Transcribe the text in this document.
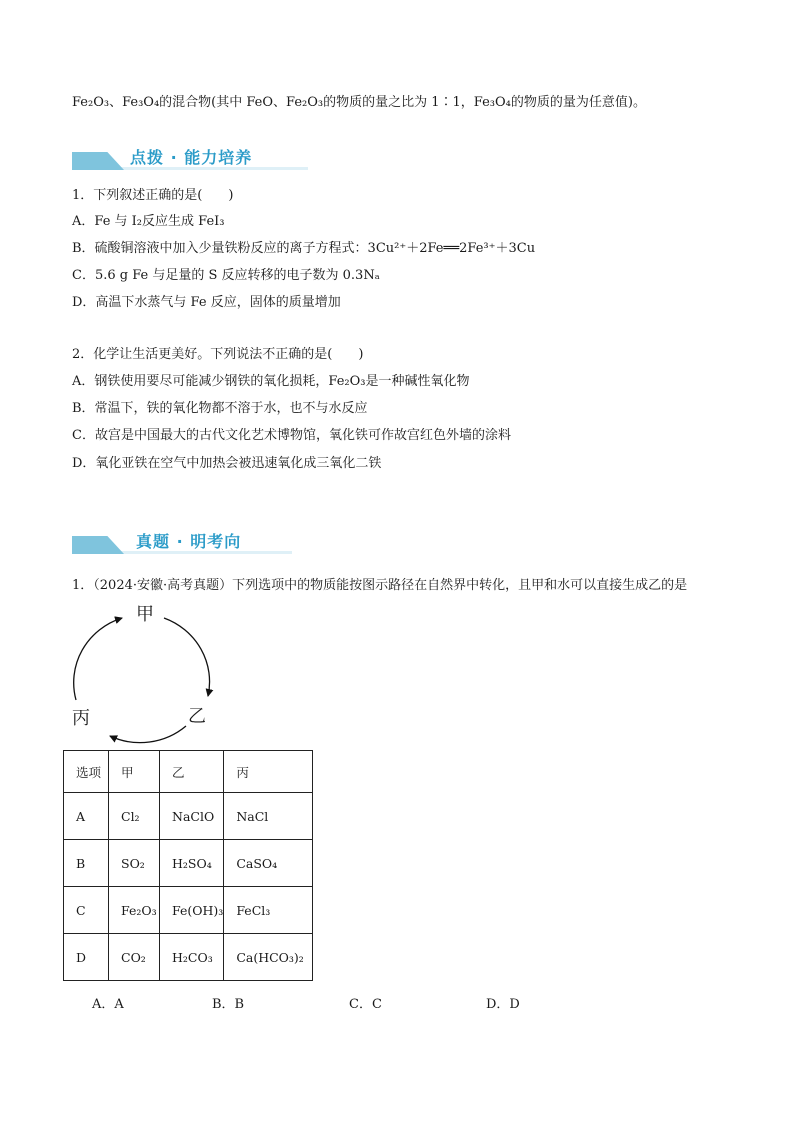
Fe₂O₃、Fe₃O₄的混合物(其中 FeO、Fe₂O₃的物质的量之比为 1∶1，Fe₃O₄的物质的量为任意值)。
点拨 · 能力培养
1．下列叙述正确的是(　　)
A．Fe 与 I₂反应生成 FeI₃
B．硫酸铜溶液中加入少量铁粉反应的离子方程式：3Cu²⁺＋2Fe══2Fe³⁺＋3Cu
C．5.6 g Fe 与足量的 S 反应转移的电子数为 0.3Nₐ
D．高温下水蒸气与 Fe 反应，固体的质量增加
2．化学让生活更美好。下列说法不正确的是(　　)
A．钢铁使用要尽可能减少钢铁的氧化损耗，Fe₂O₃是一种碱性氧化物
B．常温下，铁的氧化物都不溶于水，也不与水反应
C．故宫是中国最大的古代文化艺术博物馆，氧化铁可作故宫红色外墙的涂料
D．氧化亚铁在空气中加热会被迅速氧化成三氧化二铁
真题 · 明考向
1．（2024·安徽·高考真题）下列选项中的物质能按图示路径在自然界中转化，且甲和水可以直接生成乙的是
甲
乙
丙
选项	甲	乙	丙
A	Cl₂	NaClO	NaCl
B	SO₂	H₂SO₄	CaSO₄
C	Fe₂O₃	Fe(OH)₃	FeCl₃
D	CO₂	H₂CO₃	Ca(HCO₃)₂
A．A	B．B	C．C	D．D
